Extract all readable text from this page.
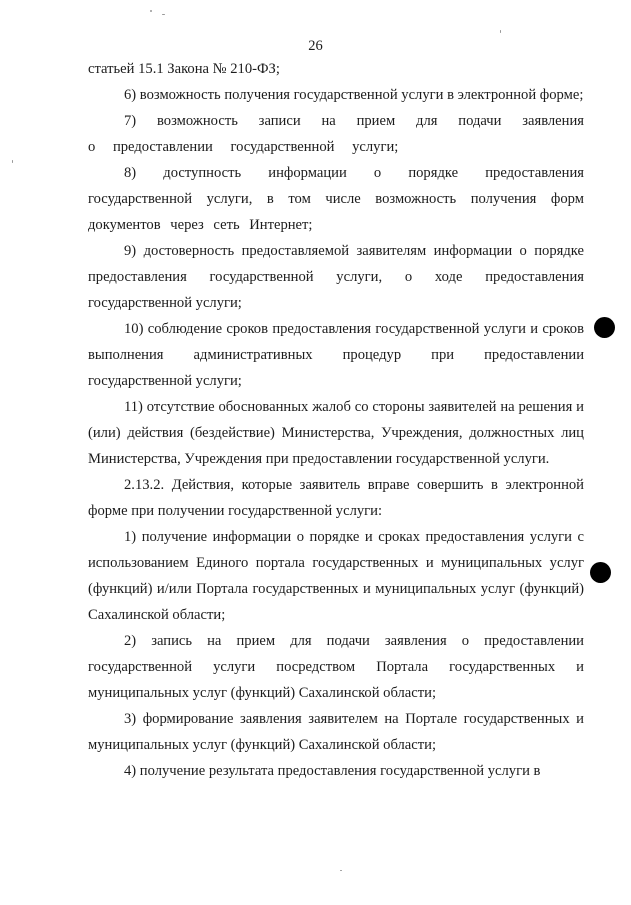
26

статьей 15.1 Закона № 210-ФЗ;

6) возможность получения государственной услуги в электронной форме;

7) возможность записи на прием для подачи заявления о предоставлении государственной услуги;

8) доступность информации о порядке предоставления государственной услуги, в том числе возможность получения форм документов через сеть Интернет;

9) достоверность предоставляемой заявителям информации о порядке предоставления государственной услуги, о ходе предоставления государственной услуги;

10) соблюдение сроков предоставления государственной услуги и сроков выполнения административных процедур при предоставлении государственной услуги;

11) отсутствие обоснованных жалоб со стороны заявителей на решения и (или) действия (бездействие) Министерства, Учреждения, должностных лиц Министерства, Учреждения при предоставлении государственной услуги.

2.13.2. Действия, которые заявитель вправе совершить в электронной форме при получении государственной услуги:

1) получение информации о порядке и сроках предоставления услуги с использованием Единого портала государственных и муниципальных услуг (функций) и/или Портала государственных и муниципальных услуг (функций) Сахалинской области;

2) запись на прием для подачи заявления о предоставлении государственной услуги посредством Портала государственных и муниципальных услуг (функций) Сахалинской области;

3) формирование заявления заявителем на Портале государственных и муниципальных услуг (функций) Сахалинской области;

4) получение результата предоставления государственной услуги в
